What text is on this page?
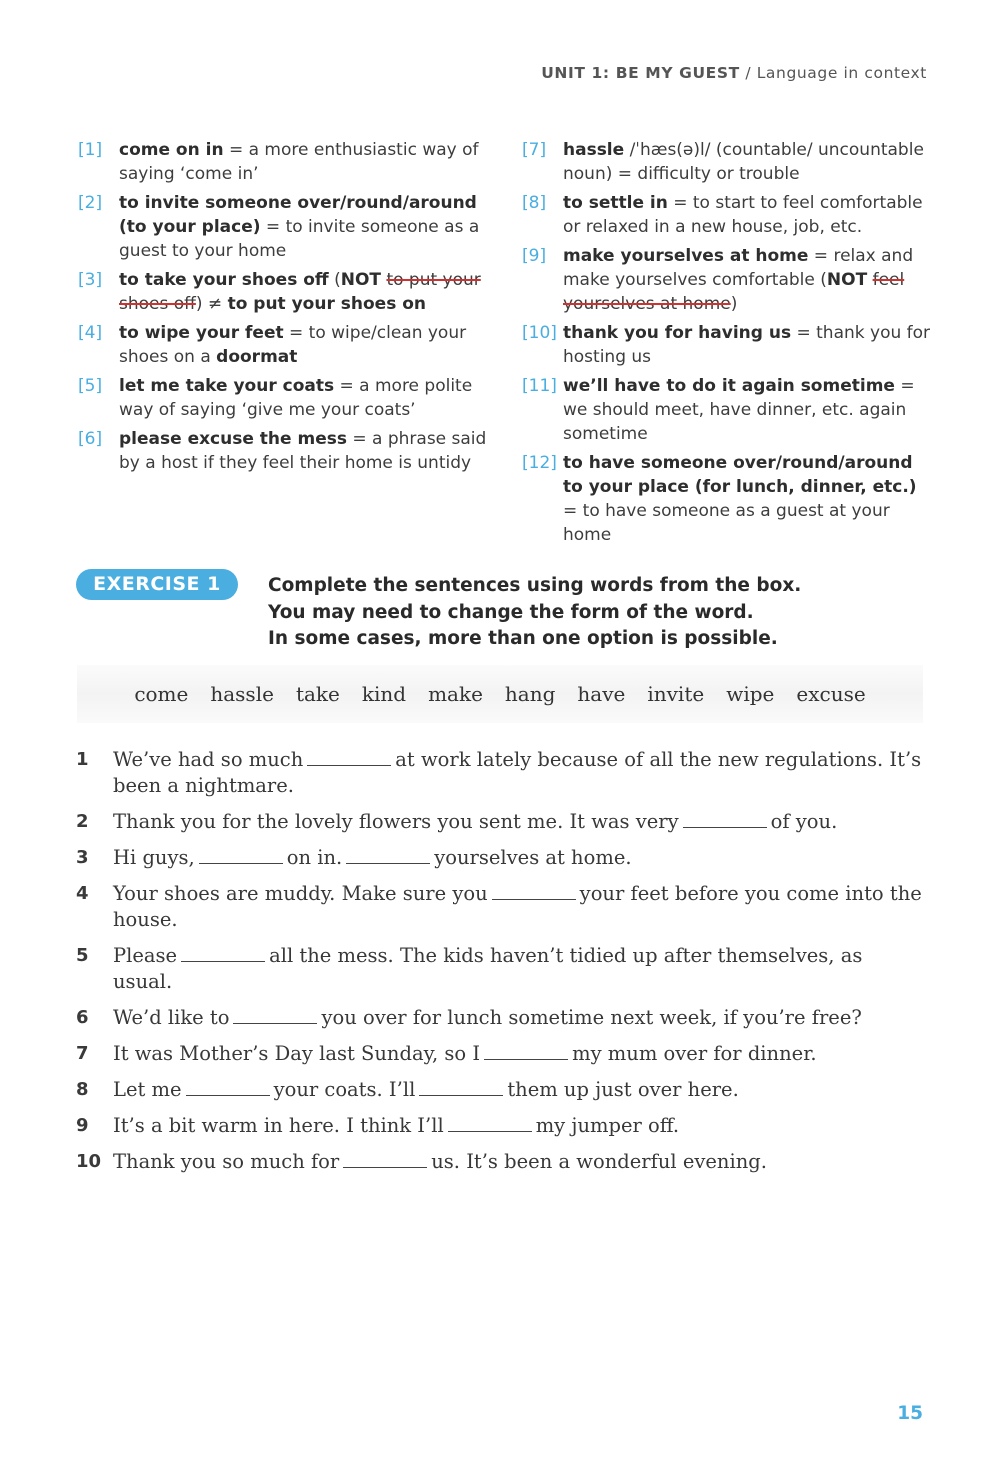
UNIT 1: BE MY GUEST / Language in context
[1] come on in = a more enthusiastic way of saying ‘come in’
[2] to invite someone over/round/around (to your place) = to invite someone as a guest to your home
[3] to take your shoes off (NOT to put your shoes off) ≠ to put your shoes on
[4] to wipe your feet = to wipe/clean your shoes on a doormat
[5] let me take your coats = a more polite way of saying ‘give me your coats’
[6] please excuse the mess = a phrase said by a host if they feel their home is untidy
[7] hassle /ˈhæs(ə)l/ (countable/ uncountable noun) = difficulty or trouble
[8] to settle in = to start to feel comfortable or relaxed in a new house, job, etc.
[9] make yourselves at home = relax and make yourselves comfortable (NOT feel yourselves at home)
[10] thank you for having us = thank you for hosting us
[11] we’ll have to do it again sometime = we should meet, have dinner, etc. again sometime
[12] to have someone over/round/around to your place (for lunch, dinner, etc.) = to have someone as a guest at your home
EXERCISE 1	Complete the sentences using words from the box.
You may need to change the form of the word.
In some cases, more than one option is possible.
come hassle take kind make hang have invite wipe excuse
1 We’ve had so much	at work lately because of all the new regulations. It’s been a nightmare.
2 Thank you for the lovely flowers you sent me. It was very	of you.
3 Hi guys,	on in.	yourselves at home.
4 Your shoes are muddy. Make sure you	your feet before you come into the house.
5 Please	all the mess. The kids haven’t tidied up after themselves, as usual.
6 We’d like to	you over for lunch sometime next week, if you’re free?
7 It was Mother’s Day last Sunday, so I	my mum over for dinner.
8 Let me	your coats. I’ll	them up just over here.
9 It’s a bit warm in here. I think I’ll	my jumper off.
10 Thank you so much for	us. It’s been a wonderful evening.
15
